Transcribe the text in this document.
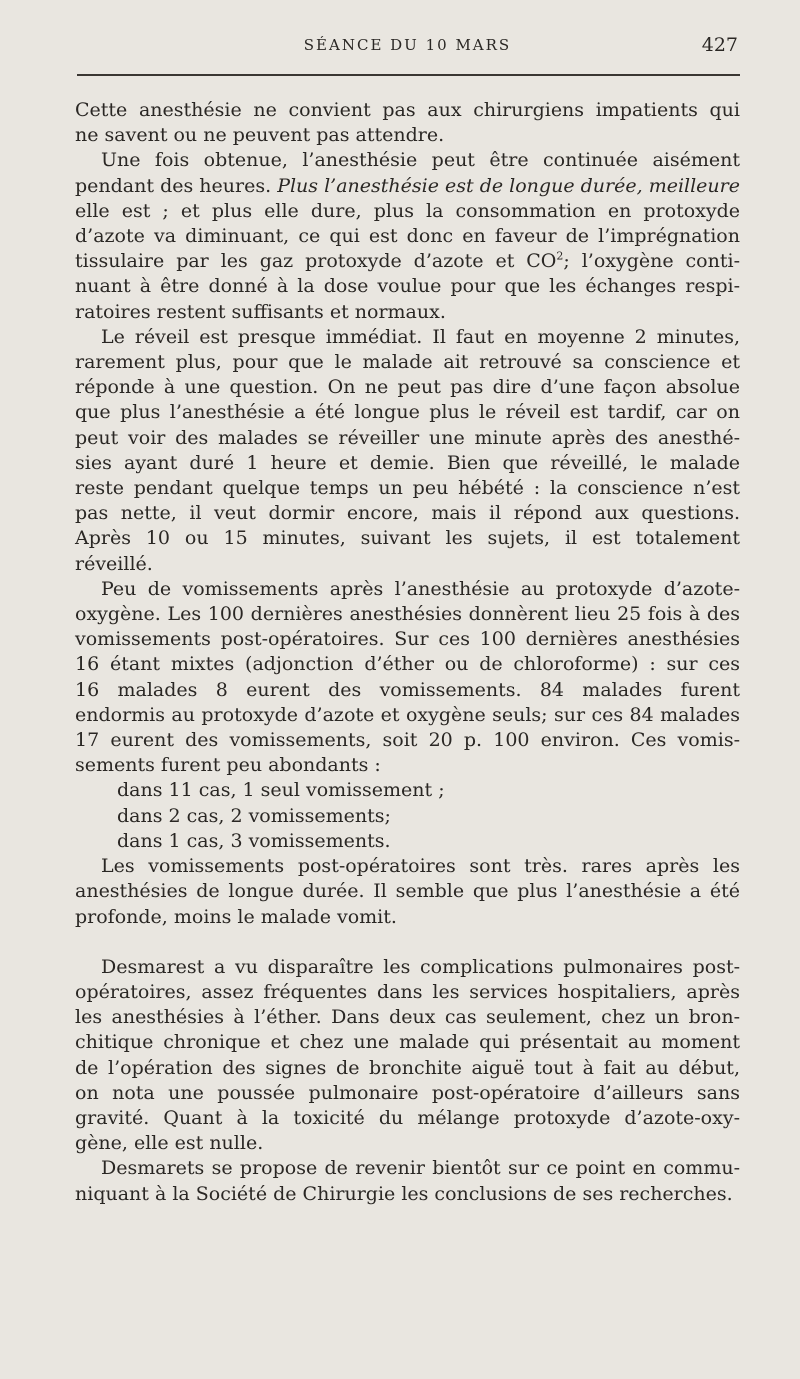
SÉANCE DU 10 MARS	427
Cette anesthésie ne convient pas aux chirurgiens impatients qui
ne savent ou ne peuvent pas attendre.
Une fois obtenue, l’anesthésie peut être continuée aisément
pendant des heures. Plus l’anesthésie est de longue durée, meilleure
elle est ; et plus elle dure, plus la consommation en protoxyde
d’azote va diminuant, ce qui est donc en faveur de l’imprégnation
tissulaire par les gaz protoxyde d’azote et $CO^2$; l’oxygène conti-
nuant à être donné à la dose voulue pour que les échanges respi-
ratoires restent suffisants et normaux.
Le réveil est presque immédiat. Il faut en moyenne 2 minutes,
rarement plus, pour que le malade ait retrouvé sa conscience et
réponde à une question. On ne peut pas dire d’une façon absolue
que plus l’anesthésie a été longue plus le réveil est tardif, car on
peut voir des malades se réveiller une minute après des anesthé-
sies ayant duré 1 heure et demie. Bien que réveillé, le malade
reste pendant quelque temps un peu hébété : la conscience n’est
pas nette, il veut dormir encore, mais il répond aux questions.
Après 10 ou 15 minutes, suivant les sujets, il est totalement
réveillé.
Peu de vomissements après l’anesthésie au protoxyde d’azote-
oxygène. Les 100 dernières anesthésies donnèrent lieu 25 fois à des
vomissements post-opératoires. Sur ces 100 dernières anesthésies
16 étant mixtes (adjonction d’éther ou de chloroforme) : sur ces
16 malades 8 eurent des vomissements. 84 malades furent
endormis au protoxyde d’azote et oxygène seuls; sur ces 84 malades
17 eurent des vomissements, soit 20 p. 100 environ. Ces vomis-
sements furent peu abondants :
dans 11 cas, 1 seul vomissement ;
dans 2 cas, 2 vomissements;
dans 1 cas, 3 vomissements.
Les vomissements post-opératoires sont très. rares après les
anesthésies de longue durée. Il semble que plus l’anesthésie a été
profonde, moins le malade vomit.
Desmarest a vu disparaître les complications pulmonaires post-
opératoires, assez fréquentes dans les services hospitaliers, après
les anesthésies à l’éther. Dans deux cas seulement, chez un bron-
chitique chronique et chez une malade qui présentait au moment
de l’opération des signes de bronchite aiguë tout à fait au début,
on nota une poussée pulmonaire post-opératoire d’ailleurs sans
gravité. Quant à la toxicité du mélange protoxyde d’azote-oxy-
gène, elle est nulle.
Desmarets se propose de revenir bientôt sur ce point en commu-
niquant à la Société de Chirurgie les conclusions de ses recherches.
